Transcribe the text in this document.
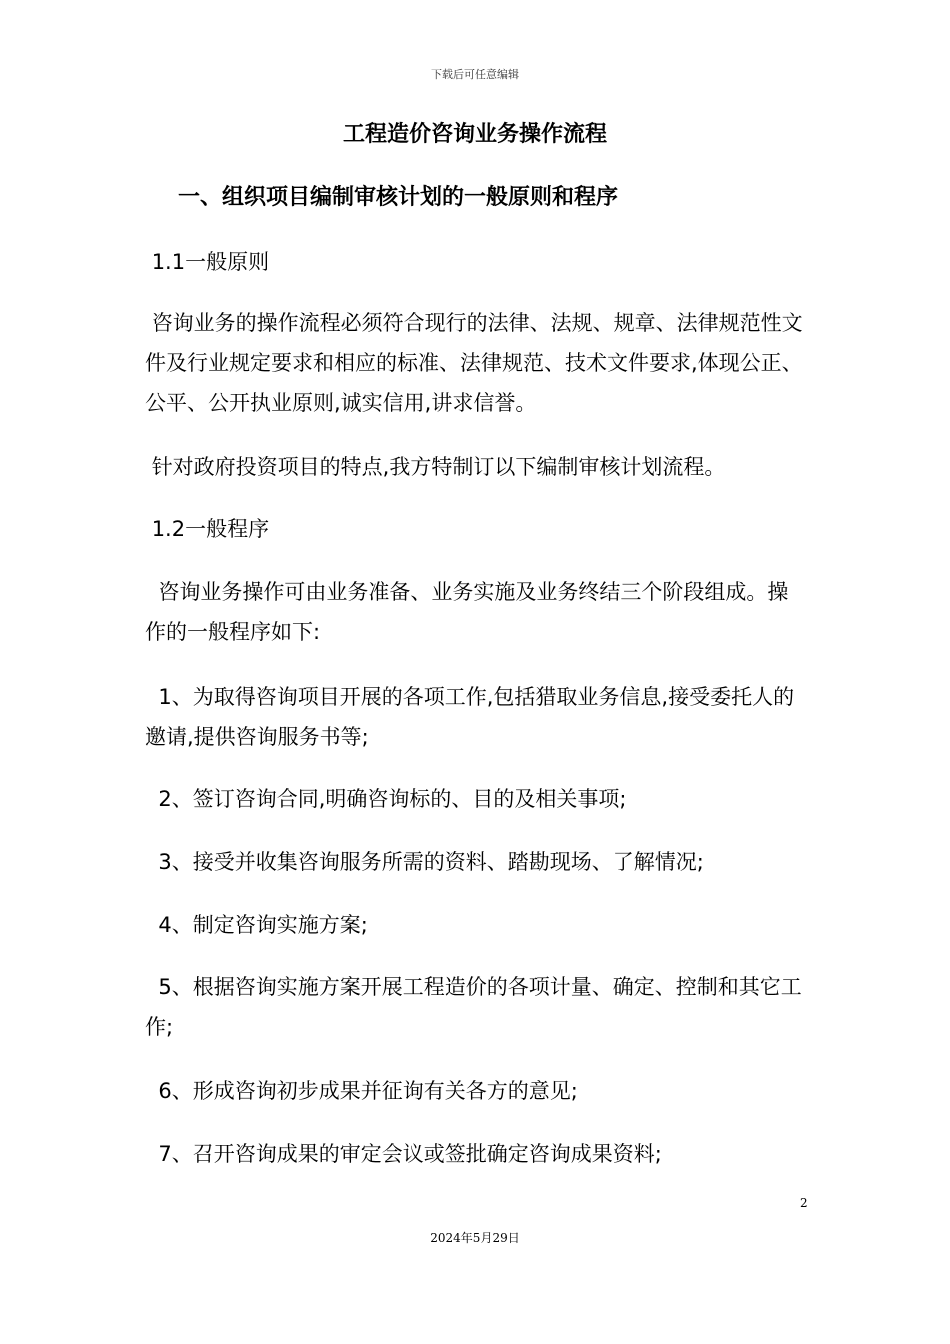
下载后可任意编辑
工程造价咨询业务操作流程
一、组织项目编制审核计划的一般原则和程序
1.1一般原则
咨询业务的操作流程必须符合现行的法律、法规、规章、法律规范性文件及行业规定要求和相应的标准、法律规范、技术文件要求,体现公正、公平、公开执业原则,诚实信用,讲求信誉。
针对政府投资项目的特点,我方特制订以下编制审核计划流程。
1.2一般程序
咨询业务操作可由业务准备、业务实施及业务终结三个阶段组成。操作的一般程序如下:
1、为取得咨询项目开展的各项工作,包括猎取业务信息,接受委托人的邀请,提供咨询服务书等;
2、签订咨询合同,明确咨询标的、目的及相关事项;
3、接受并收集咨询服务所需的资料、踏勘现场、了解情况;
4、制定咨询实施方案;
5、根据咨询实施方案开展工程造价的各项计量、确定、控制和其它工作;
6、形成咨询初步成果并征询有关各方的意见;
7、召开咨询成果的审定会议或签批确定咨询成果资料;
2
2024年5月29日
